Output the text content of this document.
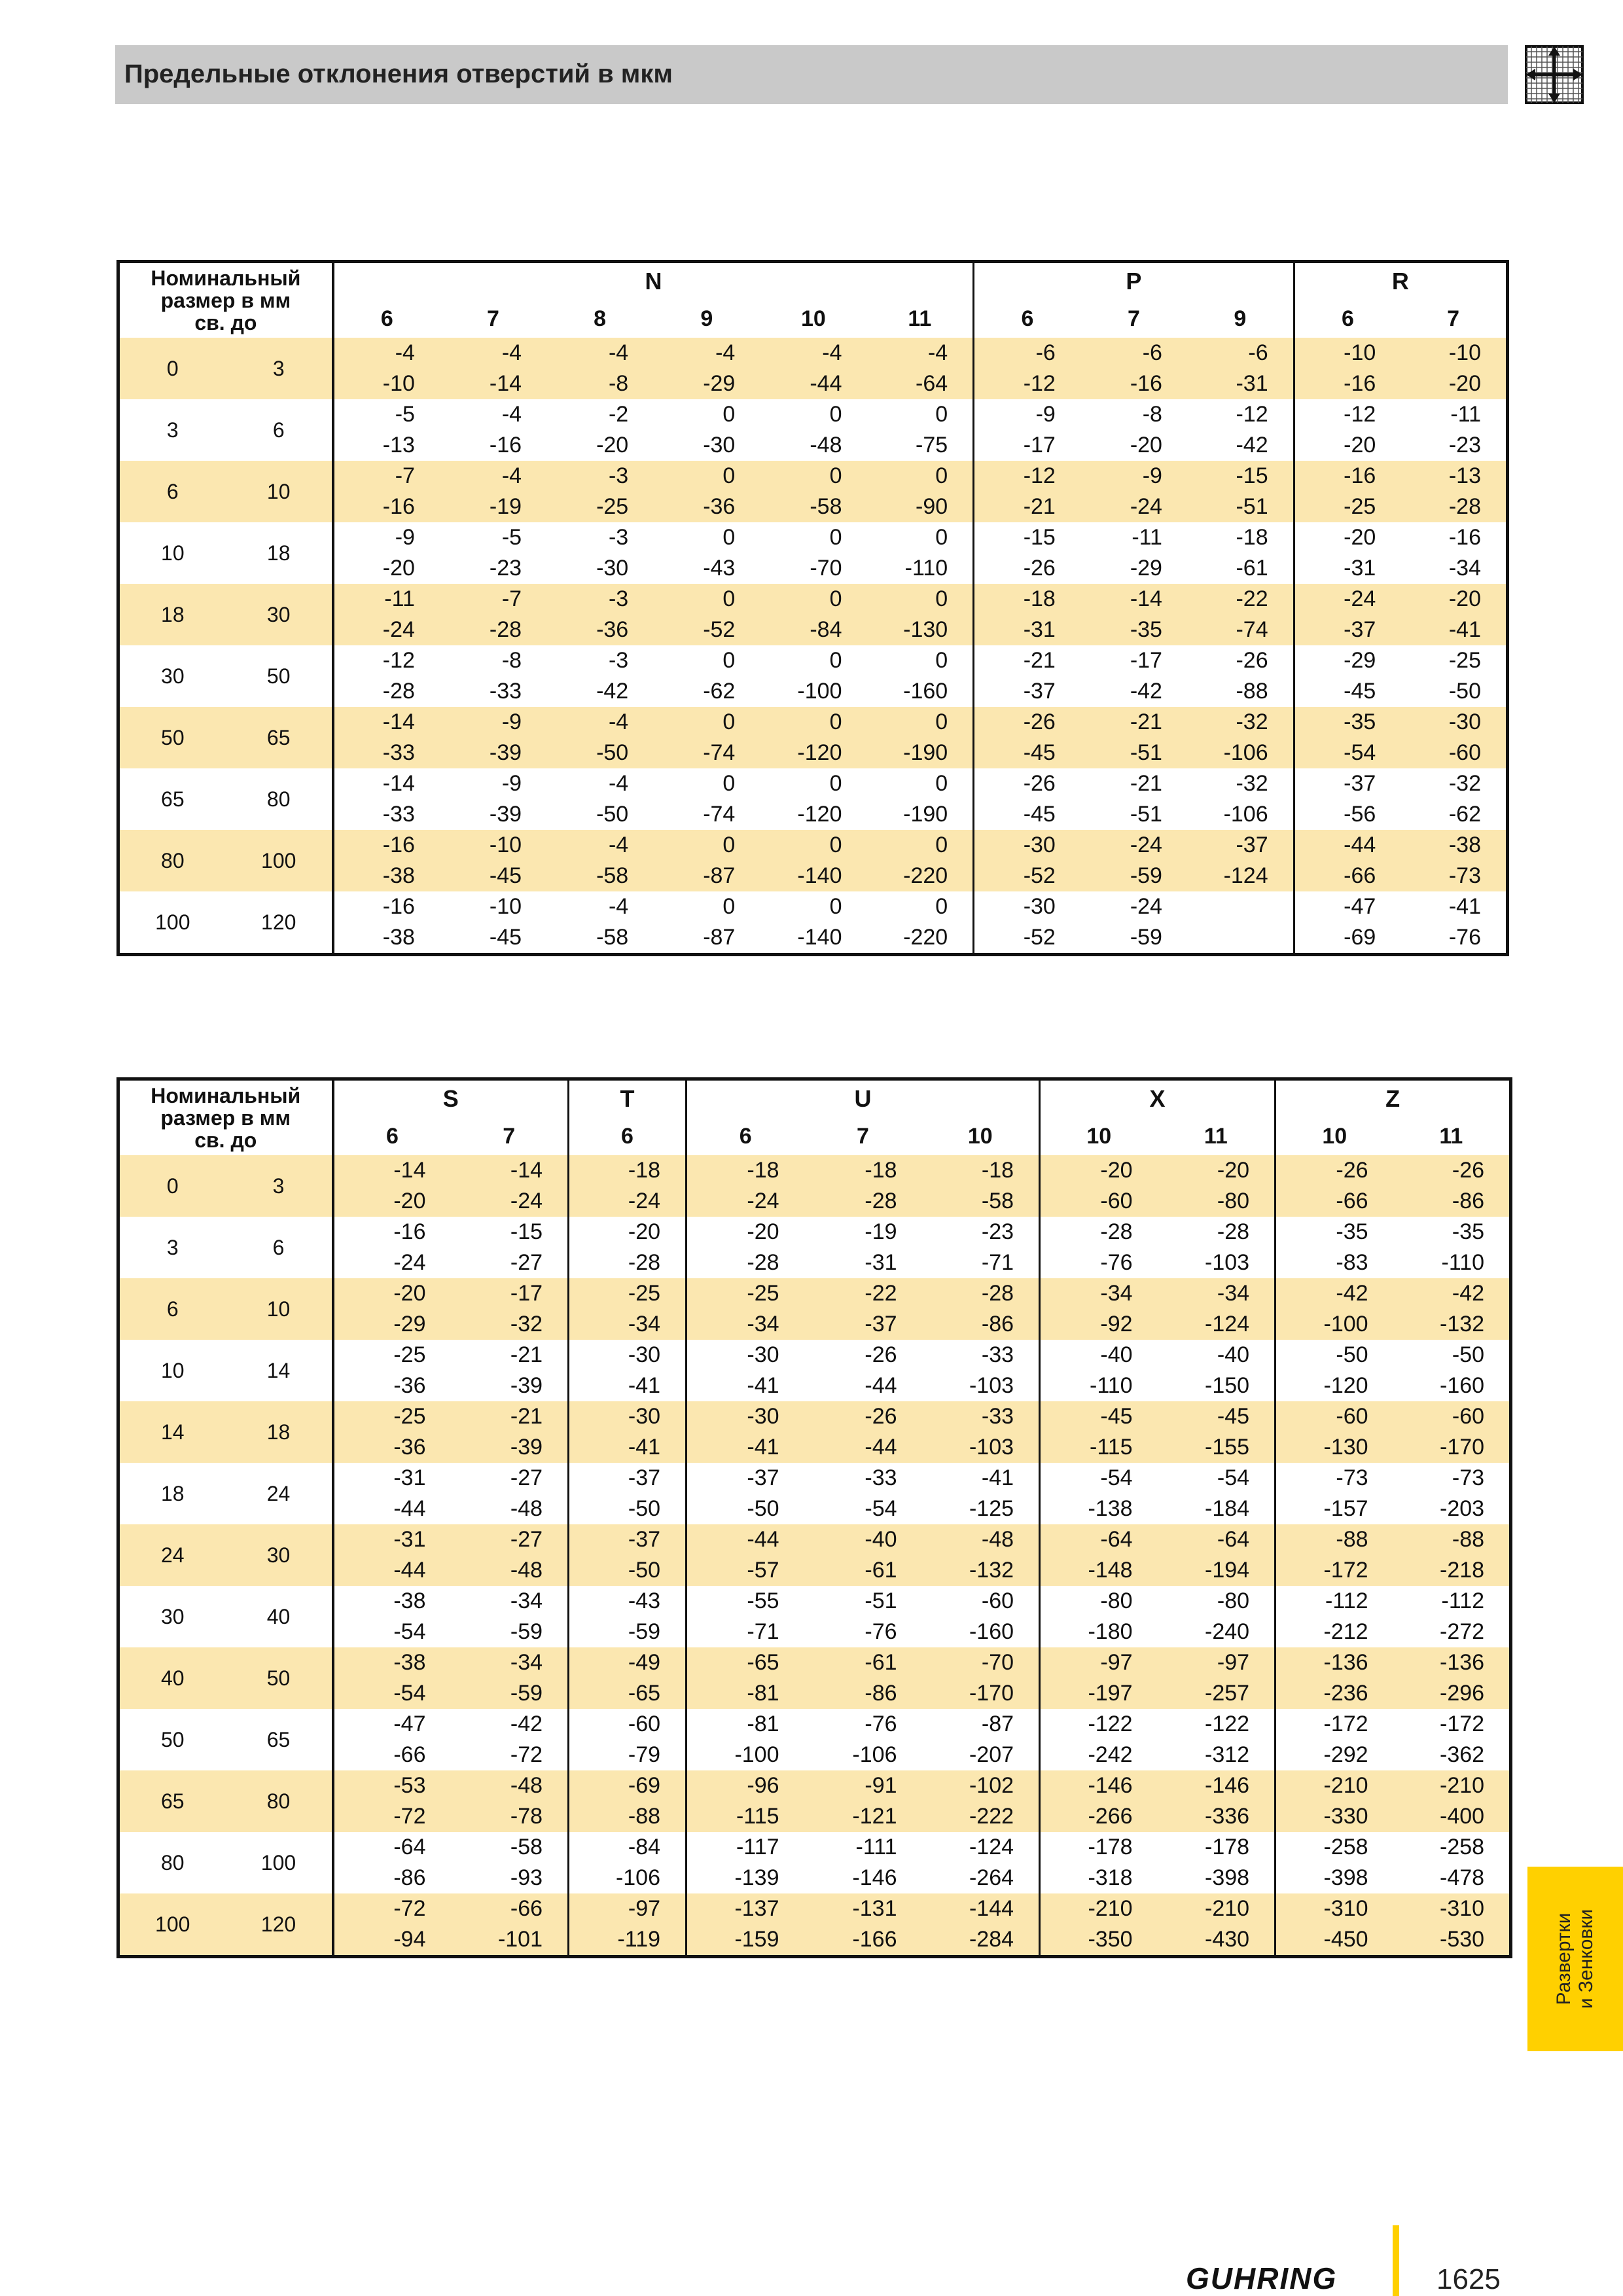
Предельные отклонения отверстий в мкм
Номинальный
размер в мм
св. до		N						P			R	
		6	7	8	9	10	11	6	7	9	6	7
0	3	-4	-4	-4	-4	-4	-4	-6	-6	-6	-10	-10
		-10	-14	-8	-29	-44	-64	-12	-16	-31	-16	-20
3	6	-5	-4	-2	0	0	0	-9	-8	-12	-12	-11
		-13	-16	-20	-30	-48	-75	-17	-20	-42	-20	-23
6	10	-7	-4	-3	0	0	0	-12	-9	-15	-16	-13
		-16	-19	-25	-36	-58	-90	-21	-24	-51	-25	-28
10	18	-9	-5	-3	0	0	0	-15	-11	-18	-20	-16
		-20	-23	-30	-43	-70	-110	-26	-29	-61	-31	-34
18	30	-11	-7	-3	0	0	0	-18	-14	-22	-24	-20
		-24	-28	-36	-52	-84	-130	-31	-35	-74	-37	-41
30	50	-12	-8	-3	0	0	0	-21	-17	-26	-29	-25
		-28	-33	-42	-62	-100	-160	-37	-42	-88	-45	-50
50	65	-14	-9	-4	0	0	0	-26	-21	-32	-35	-30
		-33	-39	-50	-74	-120	-190	-45	-51	-106	-54	-60
65	80	-14	-9	-4	0	0	0	-26	-21	-32	-37	-32
		-33	-39	-50	-74	-120	-190	-45	-51	-106	-56	-62
80	100	-16	-10	-4	0	0	0	-30	-24	-37	-44	-38
		-38	-45	-58	-87	-140	-220	-52	-59	-124	-66	-73
100	120	-16	-10	-4	0	0	0	-30	-24		-47	-41
		-38	-45	-58	-87	-140	-220	-52	-59		-69	-76
Номинальный
размер в мм
св. до		S		T	U			X		Z	
		6	7	6	6	7	10	10	11	10	11
0	3	-14	-14	-18	-18	-18	-18	-20	-20	-26	-26
		-20	-24	-24	-24	-28	-58	-60	-80	-66	-86
3	6	-16	-15	-20	-20	-19	-23	-28	-28	-35	-35
		-24	-27	-28	-28	-31	-71	-76	-103	-83	-110
6	10	-20	-17	-25	-25	-22	-28	-34	-34	-42	-42
		-29	-32	-34	-34	-37	-86	-92	-124	-100	-132
10	14	-25	-21	-30	-30	-26	-33	-40	-40	-50	-50
		-36	-39	-41	-41	-44	-103	-110	-150	-120	-160
14	18	-25	-21	-30	-30	-26	-33	-45	-45	-60	-60
		-36	-39	-41	-41	-44	-103	-115	-155	-130	-170
18	24	-31	-27	-37	-37	-33	-41	-54	-54	-73	-73
		-44	-48	-50	-50	-54	-125	-138	-184	-157	-203
24	30	-31	-27	-37	-44	-40	-48	-64	-64	-88	-88
		-44	-48	-50	-57	-61	-132	-148	-194	-172	-218
30	40	-38	-34	-43	-55	-51	-60	-80	-80	-112	-112
		-54	-59	-59	-71	-76	-160	-180	-240	-212	-272
40	50	-38	-34	-49	-65	-61	-70	-97	-97	-136	-136
		-54	-59	-65	-81	-86	-170	-197	-257	-236	-296
50	65	-47	-42	-60	-81	-76	-87	-122	-122	-172	-172
		-66	-72	-79	-100	-106	-207	-242	-312	-292	-362
65	80	-53	-48	-69	-96	-91	-102	-146	-146	-210	-210
		-72	-78	-88	-115	-121	-222	-266	-336	-330	-400
80	100	-64	-58	-84	-117	-111	-124	-178	-178	-258	-258
		-86	-93	-106	-139	-146	-264	-318	-398	-398	-478
100	120	-72	-66	-97	-137	-131	-144	-210	-210	-310	-310
		-94	-101	-119	-159	-166	-284	-350	-430	-450	-530	Развертки и Зенковки
GUHRING	1625
